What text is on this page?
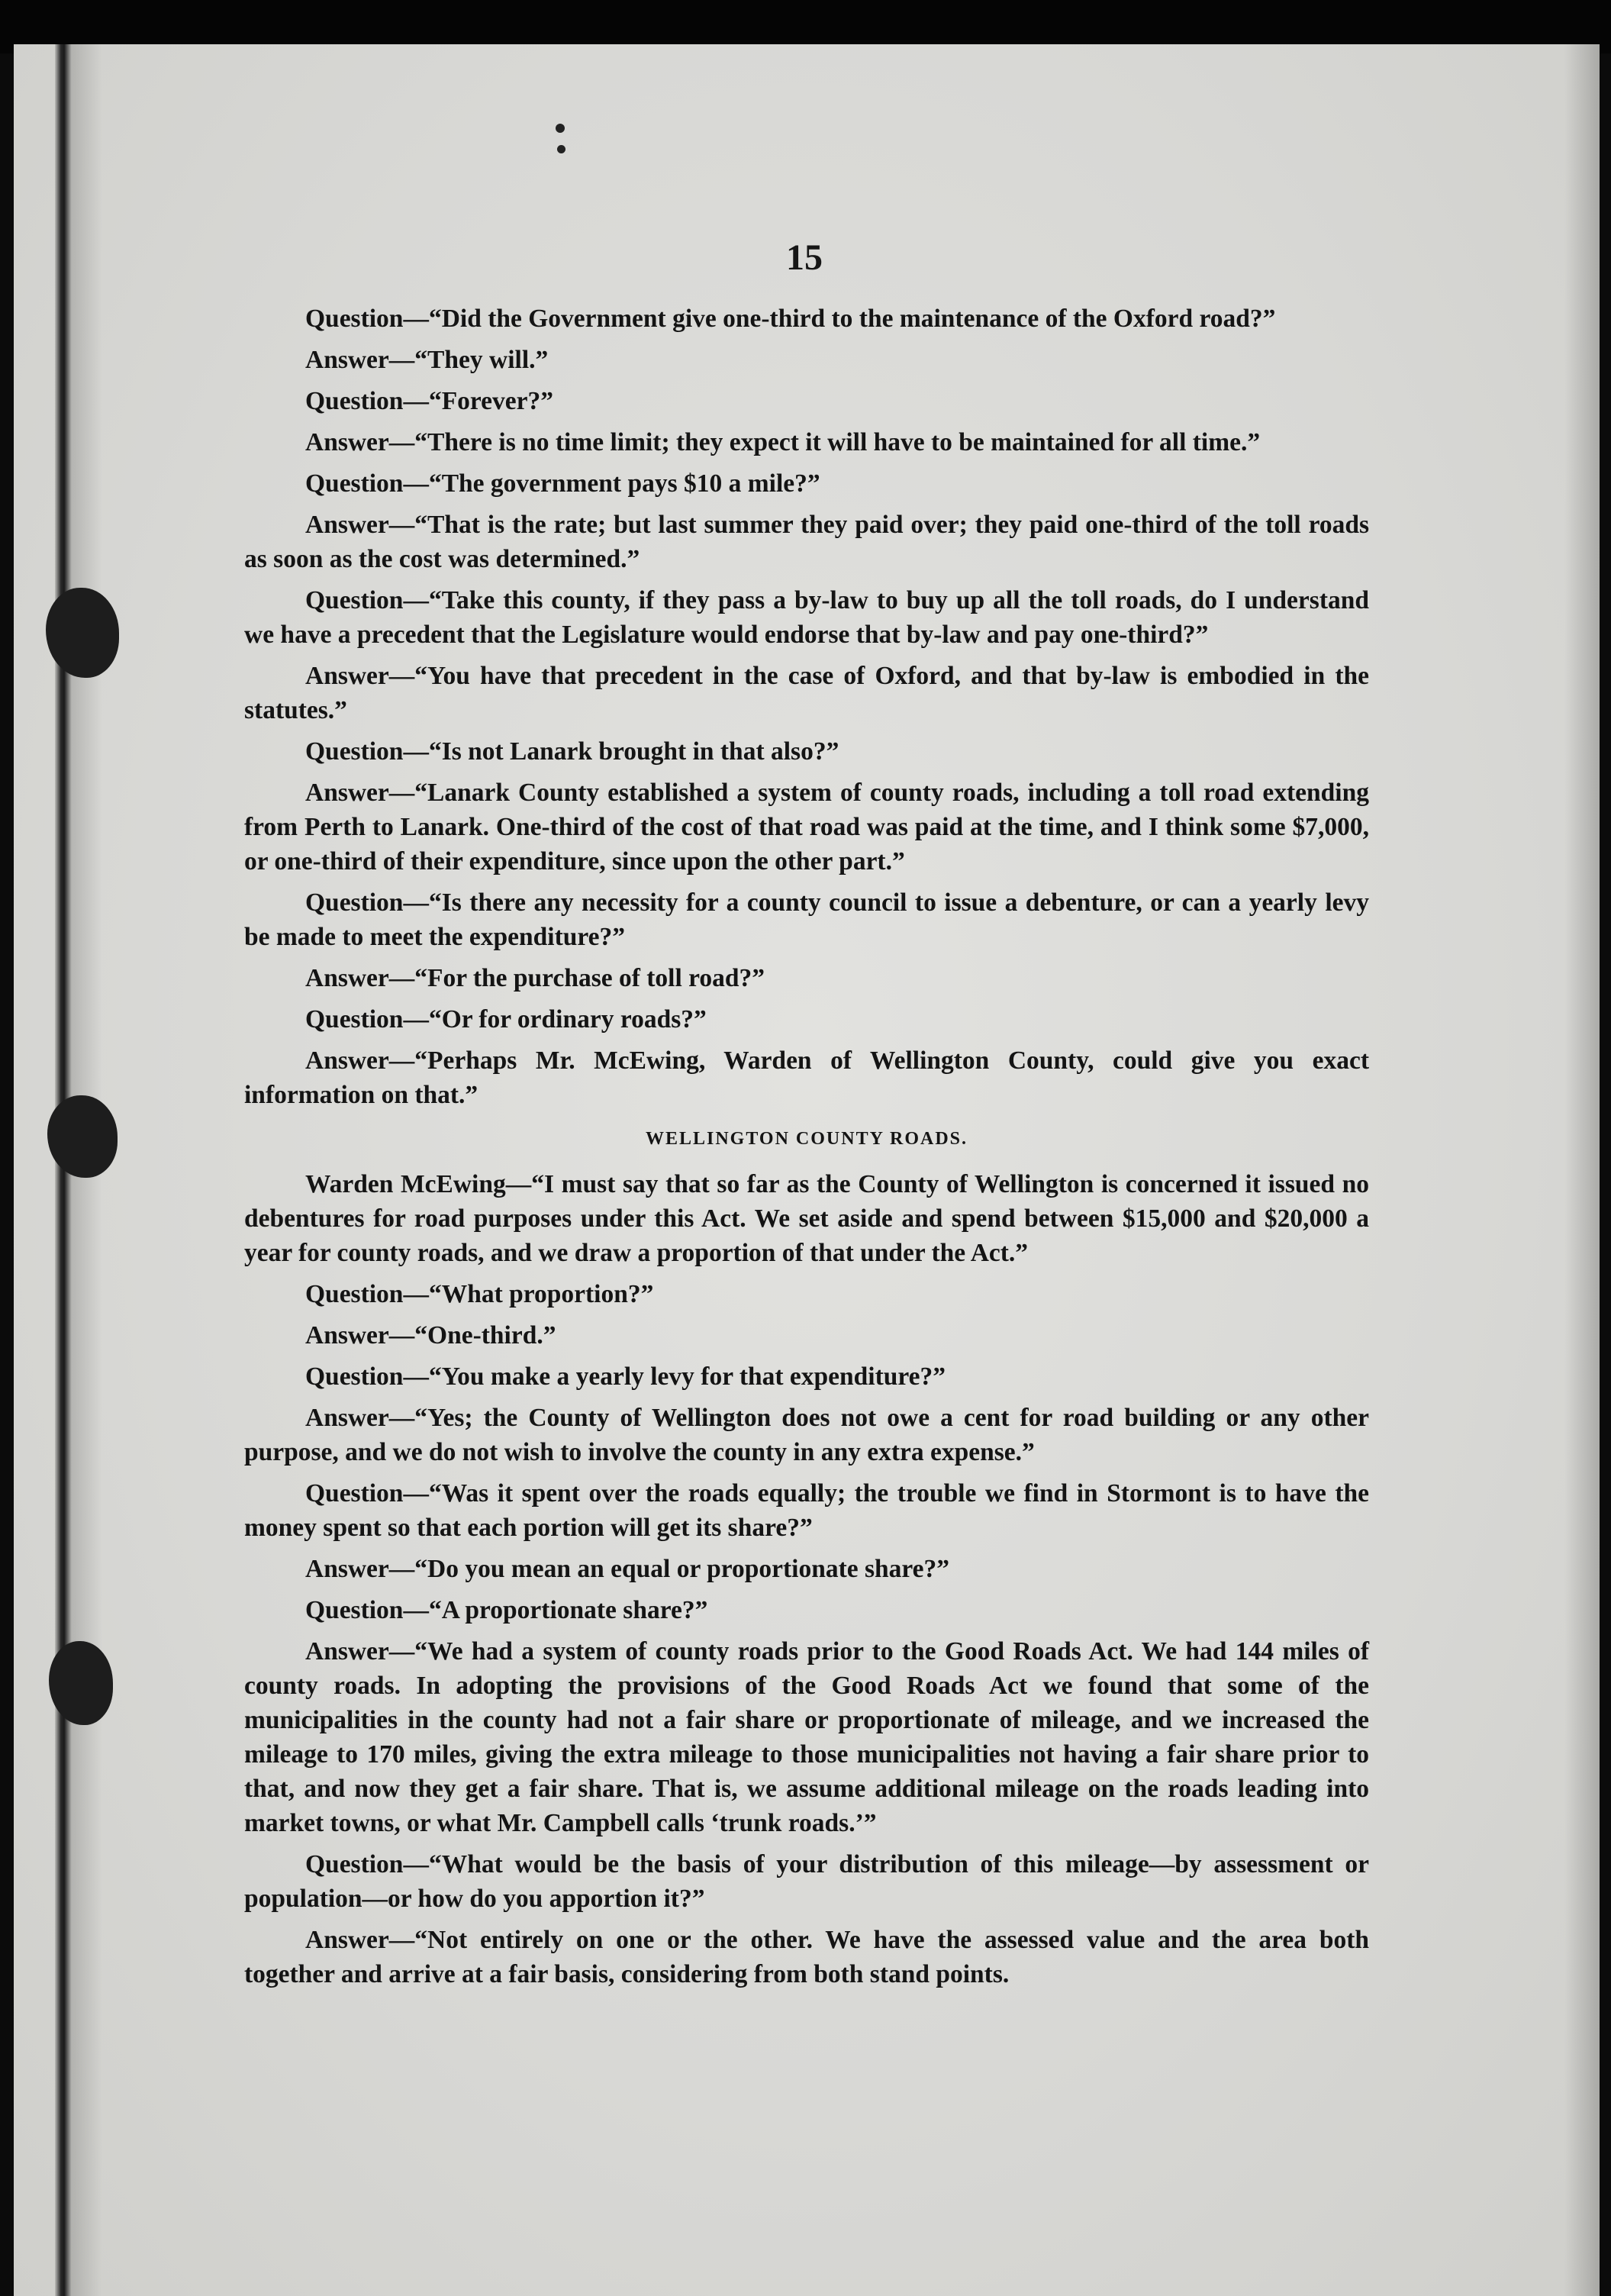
15

Question—“Did the Government give one-third to the maintenance of the Oxford road?”

Answer—“They will.”

Question—“Forever?”

Answer—“There is no time limit; they expect it will have to be maintained for all time.”

Question—“The government pays $10 a mile?”

Answer—“That is the rate; but last summer they paid over; they paid one-third of the toll roads as soon as the cost was determined.”

Question—“Take this county, if they pass a by-law to buy up all the toll roads, do I understand we have a precedent that the Legislature would endorse that by-law and pay one-third?”

Answer—“You have that precedent in the case of Oxford, and that by-law is embodied in the statutes.”

Question—“Is not Lanark brought in that also?”

Answer—“Lanark County established a system of county roads, including a toll road extending from Perth to Lanark. One-third of the cost of that road was paid at the time, and I think some $7,000, or one-third of their expenditure, since upon the other part.”

Question—“Is there any necessity for a county council to issue a debenture, or can a yearly levy be made to meet the expenditure?”

Answer—“For the purchase of toll road?”

Question—“Or for ordinary roads?”

Answer—“Perhaps Mr. McEwing, Warden of Wellington County, could give you exact information on that.”

WELLINGTON COUNTY ROADS.

Warden McEwing—“I must say that so far as the County of Wellington is concerned it issued no debentures for road purposes under this Act. We set aside and spend between $15,000 and $20,000 a year for county roads, and we draw a proportion of that under the Act.”

Question—“What proportion?”

Answer—“One-third.”

Question—“You make a yearly levy for that expenditure?”

Answer—“Yes; the County of Wellington does not owe a cent for road building or any other purpose, and we do not wish to involve the county in any extra expense.”

Question—“Was it spent over the roads equally; the trouble we find in Stormont is to have the money spent so that each portion will get its share?”

Answer—“Do you mean an equal or proportionate share?”

Question—“A proportionate share?”

Answer—“We had a system of county roads prior to the Good Roads Act. We had 144 miles of county roads. In adopting the provisions of the Good Roads Act we found that some of the municipalities in the county had not a fair share or proportionate of mileage, and we increased the mileage to 170 miles, giving the extra mileage to those municipalities not having a fair share prior to that, and now they get a fair share. That is, we assume additional mileage on the roads leading into market towns, or what Mr. Campbell calls ‘trunk roads.’”

Question—“What would be the basis of your distribution of this mileage—by assessment or population—or how do you apportion it?”

Answer—“Not entirely on one or the other. We have the assessed value and the area both together and arrive at a fair basis, considering from both stand points.
